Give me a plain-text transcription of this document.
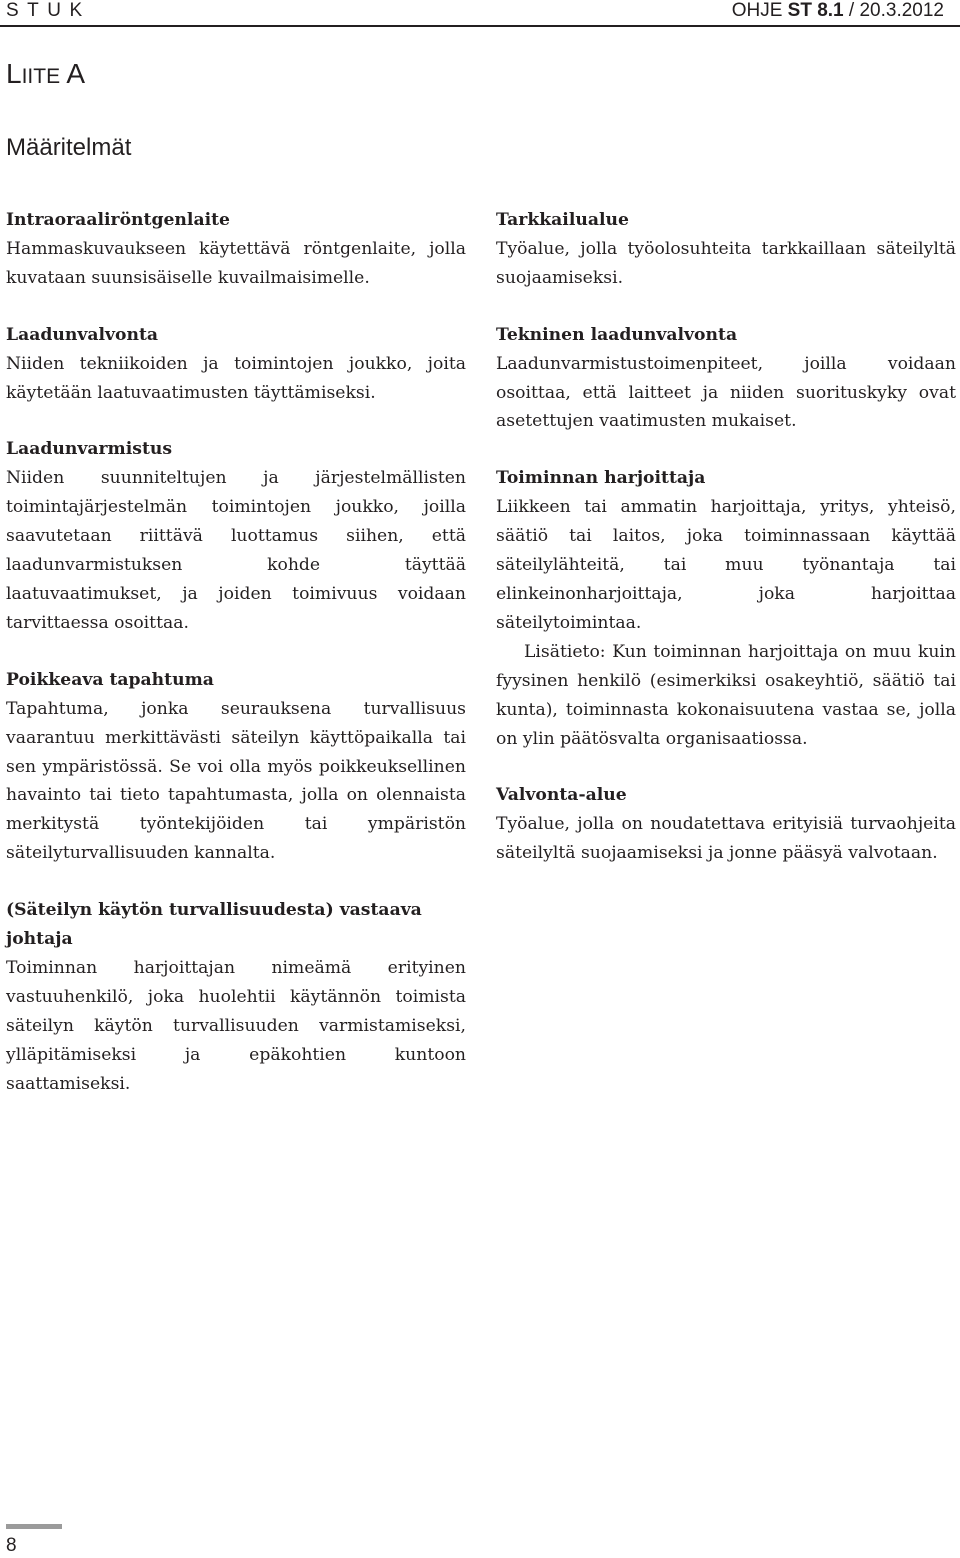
STUK	OHJE ST 8.1 / 20.3.2012
LIITE A
Määritelmät

Intraoraaliröntgenlaite

Hammaskuvaukseen käytettävä röntgenlaite, jolla kuvataan suunsisäiselle kuvailmaisimelle.

Laadunvalvonta

Niiden tekniikoiden ja toimintojen joukko, joita käytetään laatuvaatimusten täyttämiseksi.

Laadunvarmistus

Niiden suunniteltujen ja järjestelmällisten toimintajärjestelmän toimintojen joukko, joilla saavutetaan riittävä luottamus siihen, että laadunvarmistuksen kohde täyttää laatuvaatimukset, ja joiden toimivuus voidaan tarvittaessa osoittaa.

Poikkeava tapahtuma

Tapahtuma, jonka seurauksena turvallisuus vaarantuu merkittävästi säteilyn käyttöpaikalla tai sen ympäristössä. Se voi olla myös poikkeuksellinen havainto tai tieto tapahtumasta, jolla on olennaista merkitystä työntekijöiden tai ympäristön säteilyturvallisuuden kannalta.

(Säteilyn käytön turvallisuudesta) vastaava johtaja

Toiminnan harjoittajan nimeämä erityinen vastuuhenkilö, joka huolehtii käytännön toimista säteilyn käytön turvallisuuden varmistamiseksi, ylläpitämiseksi ja epäkohtien kuntoon saattamiseksi.

Tarkkailualue

Työalue, jolla työolosuhteita tarkkaillaan säteilyltä suojaamiseksi.

Tekninen laadunvalvonta

Laadunvarmistustoimenpiteet, joilla voidaan osoittaa, että laitteet ja niiden suorituskyky ovat asetettujen vaatimusten mukaiset.

Toiminnan harjoittaja

Liikkeen tai ammatin harjoittaja, yritys, yhteisö, säätiö tai laitos, joka toiminnassaan käyttää säteilylähteitä, tai muu työnantaja tai elinkeinonharjoittaja, joka harjoittaa säteilytoimintaa.

Lisätieto: Kun toiminnan harjoittaja on muu kuin fyysinen henkilö (esimerkiksi osakeyhtiö, säätiö tai kunta), toiminnasta kokonaisuutena vastaa se, jolla on ylin päätösvalta organisaatiossa.

Valvonta-alue

Työalue, jolla on noudatettava erityisiä turvaohjeita säteilyltä suojaamiseksi ja jonne pääsyä valvotaan.

8
